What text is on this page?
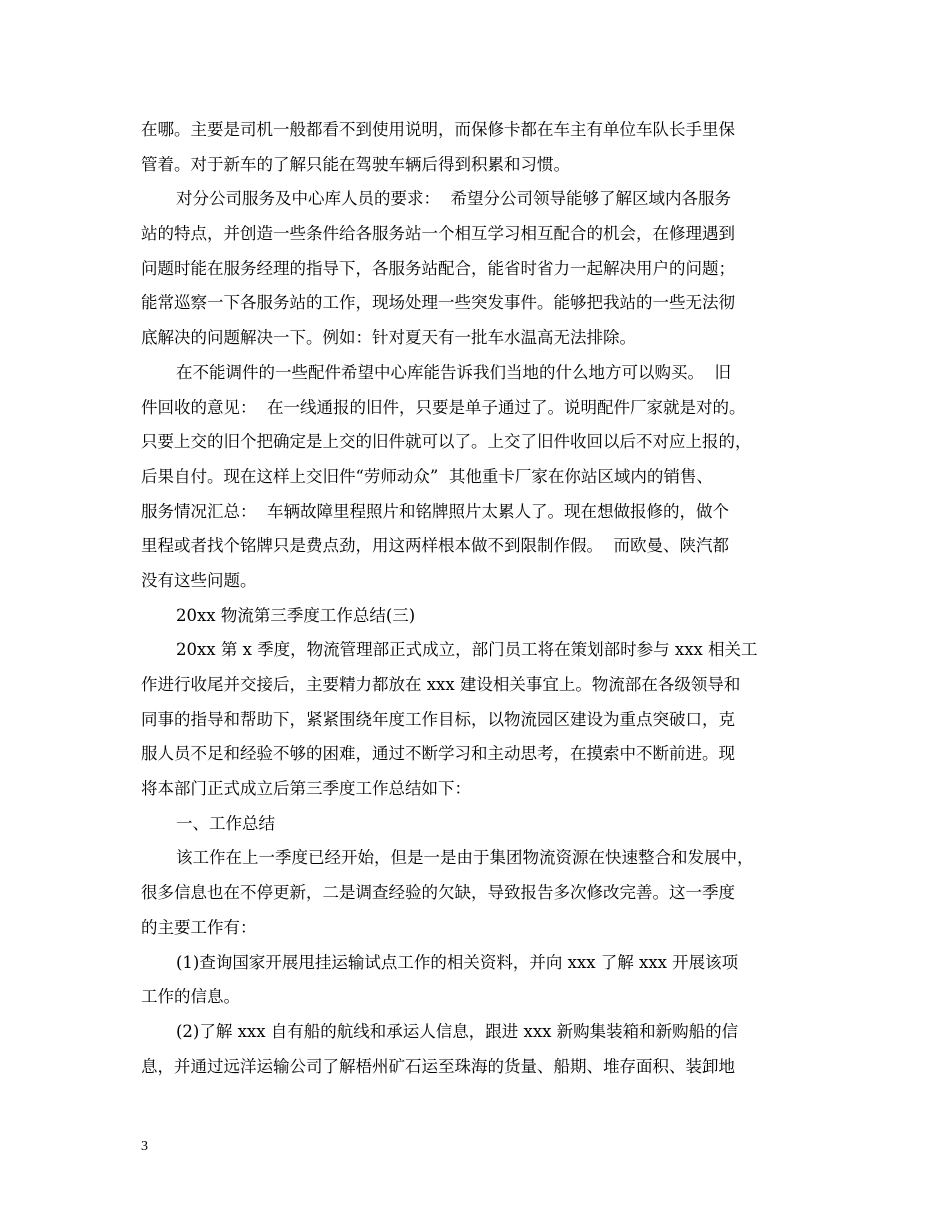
在哪。主要是司机一般都看不到使用说明，而保修卡都在车主有单位车队长手里保
管着。对于新车的了解只能在驾驶车辆后得到积累和习惯。
对分公司服务及中心库人员的要求：  希望分公司领导能够了解区域内各服务
站的特点，并创造一些条件给各服务站一个相互学习相互配合的机会，在修理遇到
问题时能在服务经理的指导下，各服务站配合，能省时省力一起解决用户的问题；
能常巡察一下各服务站的工作，现场处理一些突发事件。能够把我站的一些无法彻
底解决的问题解决一下。例如：针对夏天有一批车水温高无法排除。
在不能调件的一些配件希望中心库能告诉我们当地的什么地方可以购买。  旧
件回收的意见：  在一线通报的旧件，只要是单子通过了。说明配件厂家就是对的。
只要上交的旧个把确定是上交的旧件就可以了。上交了旧件收回以后不对应上报的，
后果自付。现在这样上交旧件“劳师动众”  其他重卡厂家在你站区域内的销售、
服务情况汇总：  车辆故障里程照片和铭牌照片太累人了。现在想做报修的，做个
里程或者找个铭牌只是费点劲，用这两样根本做不到限制作假。  而欧曼、陕汽都
没有这些问题。
20xx 物流第三季度工作总结(三)
20xx 第 x 季度，物流管理部正式成立，部门员工将在策划部时参与 xxx 相关工
作进行收尾并交接后，主要精力都放在 xxx 建设相关事宜上。物流部在各级领导和
同事的指导和帮助下，紧紧围绕年度工作目标，以物流园区建设为重点突破口，克
服人员不足和经验不够的困难，通过不断学习和主动思考，在摸索中不断前进。现
将本部门正式成立后第三季度工作总结如下：
一、工作总结
该工作在上一季度已经开始，但是一是由于集团物流资源在快速整合和发展中，
很多信息也在不停更新，二是调查经验的欠缺，导致报告多次修改完善。这一季度
的主要工作有：
(1)查询国家开展甩挂运输试点工作的相关资料，并向 xxx 了解 xxx 开展该项
工作的信息。
(2)了解 xxx 自有船的航线和承运人信息，跟进 xxx 新购集装箱和新购船的信
息，并通过远洋运输公司了解梧州矿石运至珠海的货量、船期、堆存面积、装卸地
3
